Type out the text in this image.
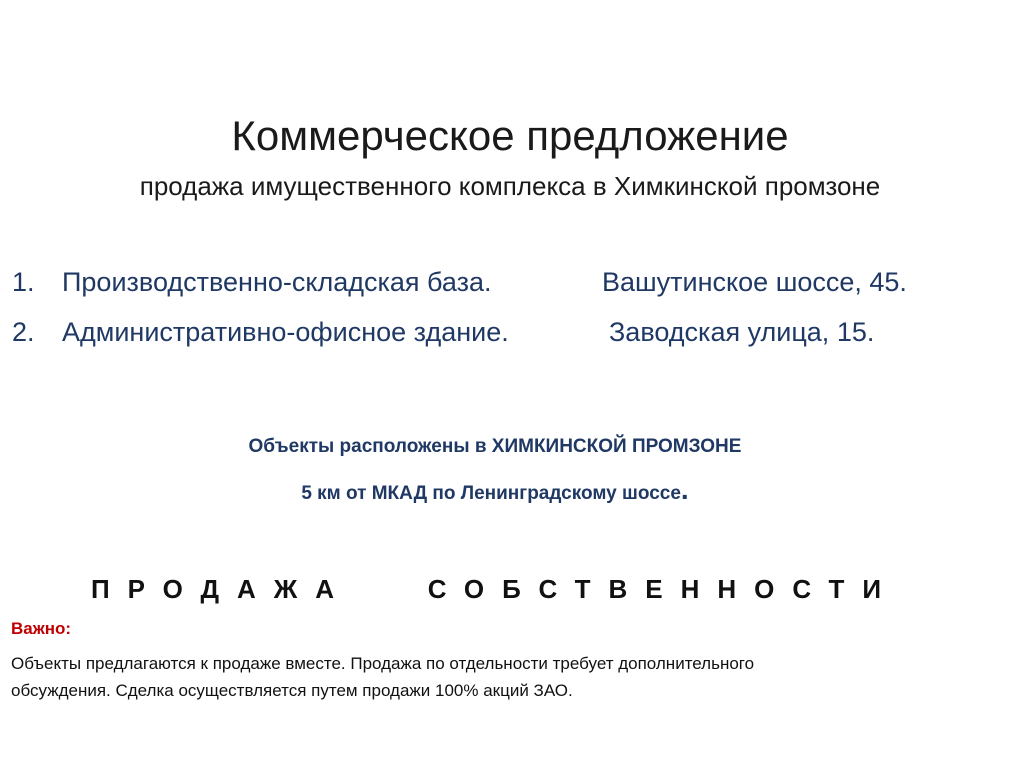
Коммерческое предложение
продажа имущественного комплекса в Химкинской промзоне
1. Производственно-складская база.	Вашутинское шоссе, 45.
2. Административно-офисное здание.	Заводская улица, 15.
Объекты расположены в ХИМКИНСКОЙ ПРОМЗОНЕ
5 км от МКАД по Ленинградскому шоссе.
ПРОДАЖА   СОБСТВЕННОСТИ
Важно:
Объекты предлагаются к продаже вместе. Продажа по отдельности требует дополнительного
обсуждения. Сделка осуществляется путем продажи 100% акций ЗАО.
